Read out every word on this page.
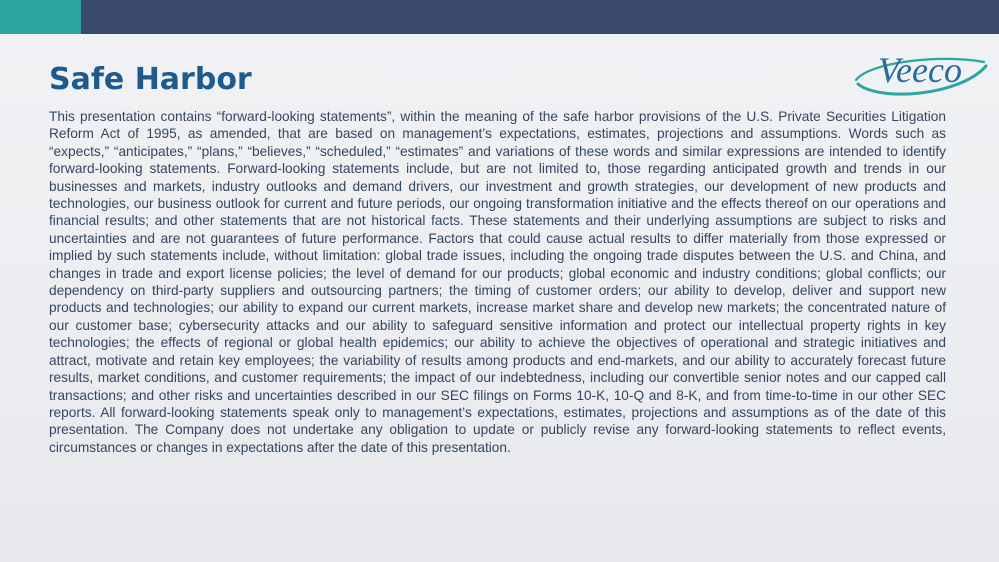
Safe Harbor	Veeco

This presentation contains “forward-looking statements”, within the meaning of the safe harbor provisions of the U.S. Private Securities Litigation Reform Act of 1995, as amended, that are based on management’s expectations, estimates, projections and assumptions. Words such as “expects,” “anticipates,” “plans,” “believes,” “scheduled,” “estimates” and variations of these words and similar expressions are intended to identify forward-looking statements. Forward-looking statements include, but are not limited to, those regarding anticipated growth and trends in our businesses and markets, industry outlooks and demand drivers, our investment and growth strategies, our development of new products and technologies, our business outlook for current and future periods, our ongoing transformation initiative and the effects thereof on our operations and financial results; and other statements that are not historical facts. These statements and their underlying assumptions are subject to risks and uncertainties and are not guarantees of future performance. Factors that could cause actual results to differ materially from those expressed or implied by such statements include, without limitation: global trade issues, including the ongoing trade disputes between the U.S. and China, and changes in trade and export license policies; the level of demand for our products; global economic and industry conditions; global conflicts; our dependency on third-party suppliers and outsourcing partners; the timing of customer orders; our ability to develop, deliver and support new products and technologies; our ability to expand our current markets, increase market share and develop new markets; the concentrated nature of our customer base; cybersecurity attacks and our ability to safeguard sensitive information and protect our intellectual property rights in key technologies; the effects of regional or global health epidemics; our ability to achieve the objectives of operational and strategic initiatives and attract, motivate and retain key employees; the variability of results among products and end-markets, and our ability to accurately forecast future results, market conditions, and customer requirements; the impact of our indebtedness, including our convertible senior notes and our capped call transactions; and other risks and uncertainties described in our SEC filings on Forms 10-K, 10-Q and 8-K, and from time-to-time in our other SEC reports. All forward-looking statements speak only to management’s expectations, estimates, projections and assumptions as of the date of this presentation. The Company does not undertake any obligation to update or publicly revise any forward-looking statements to reflect events, circumstances or changes in expectations after the date of this presentation.
